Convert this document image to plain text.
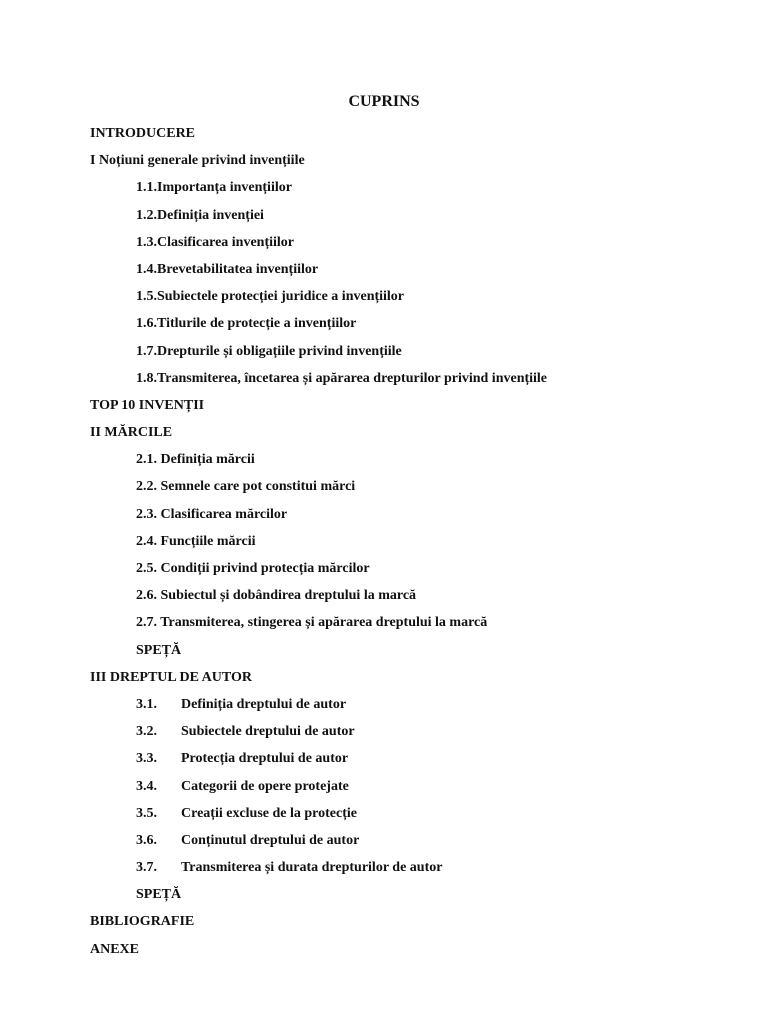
CUPRINS
INTRODUCERE
I Noțiuni generale privind invențiile
1.1.Importanța invențiilor
1.2.Definiția invenției
1.3.Clasificarea invențiilor
1.4.Brevetabilitatea invențiilor
1.5.Subiectele protecției juridice a invențiilor
1.6.Titlurile de protecție a invențiilor
1.7.Drepturile și obligațiile privind invențiile
1.8.Transmiterea, încetarea și apărarea drepturilor privind invențiile
TOP 10 INVENȚII
II MĂRCILE
2.1. Definiția mărcii
2.2. Semnele care pot constitui mărci
2.3. Clasificarea mărcilor
2.4. Funcțiile mărcii
2.5. Condiții privind protecția mărcilor
2.6. Subiectul și dobândirea dreptului la marcă
2.7. Transmiterea, stingerea și apărarea dreptului la marcă
SPEȚĂ
III DREPTUL DE AUTOR
3.1. Definiția dreptului de autor
3.2. Subiectele dreptului de autor
3.3. Protecția dreptului de autor
3.4. Categorii de opere protejate
3.5. Creații excluse de la protecție
3.6. Conținutul dreptului de autor
3.7. Transmiterea și durata drepturilor de autor
SPEȚĂ
BIBLIOGRAFIE
ANEXE
